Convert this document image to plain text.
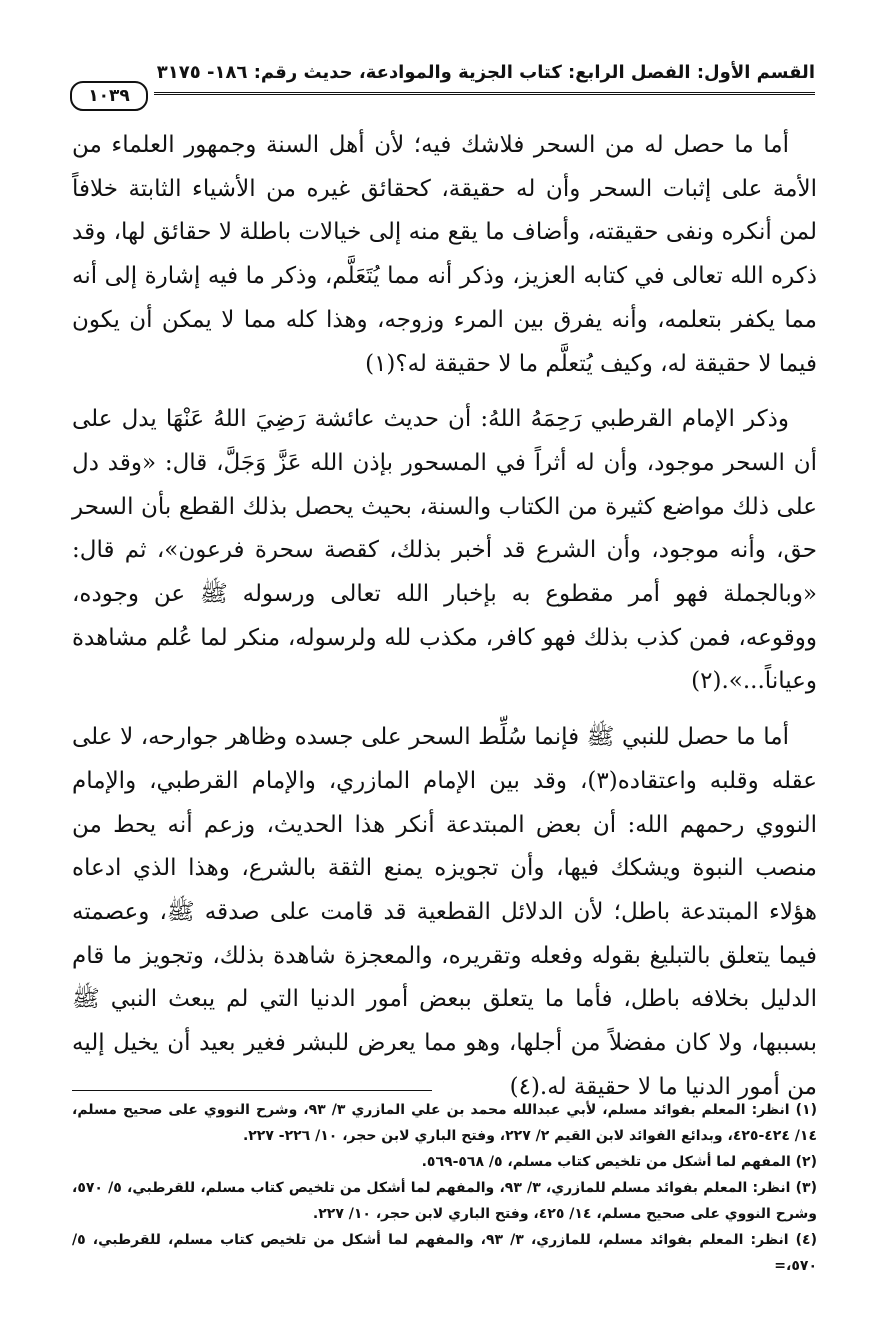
القسم الأول: الفصل الرابع: كتاب الجزية والموادعة، حديث رقم: ١٨٦- ٣١٧٥
١٠٣٩

أما ما حصل له من السحر فلاشك فيه؛ لأن أهل السنة وجمهور العلماء من الأمة على إثبات السحر وأن له حقيقة، كحقائق غيره من الأشياء الثابتة خلافاً لمن أنكره ونفى حقيقته، وأضاف ما يقع منه إلى خيالات باطلة لا حقائق لها، وقد ذكره الله تعالى في كتابه العزيز، وذكر أنه مما يُتَعَلَّم، وذكر ما فيه إشارة إلى أنه مما يكفر بتعلمه، وأنه يفرق بين المرء وزوجه، وهذا كله مما لا يمكن أن يكون فيما لا حقيقة له، وكيف يُتعلَّم ما لا حقيقة له؟(١)

وذكر الإمام القرطبي رَحِمَهُ اللهُ: أن حديث عائشة رَضِيَ اللهُ عَنْهَا يدل على أن السحر موجود، وأن له أثراً في المسحور بإذن الله عَزَّ وَجَلَّ، قال: «وقد دل على ذلك مواضع كثيرة من الكتاب والسنة، بحيث يحصل بذلك القطع بأن السحر حق، وأنه موجود، وأن الشرع قد أخبر بذلك، كقصة سحرة فرعون»، ثم قال: «وبالجملة فهو أمر مقطوع به بإخبار الله تعالى ورسوله ﷺ عن وجوده، ووقوعه، فمن كذب بذلك فهو كافر، مكذب لله ولرسوله، منكر لما عُلم مشاهدة وعياناً...».(٢)

أما ما حصل للنبي ﷺ فإنما سُلِّط السحر على جسده وظاهر جوارحه، لا على عقله وقلبه واعتقاده(٣)، وقد بين الإمام المازري، والإمام القرطبي، والإمام النووي رحمهم الله: أن بعض المبتدعة أنكر هذا الحديث، وزعم أنه يحط من منصب النبوة ويشكك فيها، وأن تجويزه يمنع الثقة بالشرع، وهذا الذي ادعاه هؤلاء المبتدعة باطل؛ لأن الدلائل القطعية قد قامت على صدقه ﷺ، وعصمته فيما يتعلق بالتبليغ بقوله وفعله وتقريره، والمعجزة شاهدة بذلك، وتجويز ما قام الدليل بخلافه باطل، فأما ما يتعلق ببعض أمور الدنيا التي لم يبعث النبي ﷺ بسببها، ولا كان مفضلاً من أجلها، وهو مما يعرض للبشر فغير بعيد أن يخيل إليه من أمور الدنيا ما لا حقيقة له.(٤)

(١) انظر: المعلم بفوائد مسلم، لأبي عبدالله محمد بن علي المازري ٣/ ٩٣، وشرح النووي على صحيح مسلم، ١٤/ ٤٢٤-٤٢٥، وبدائع الفوائد لابن القيم ٢/ ٢٢٧، وفتح الباري لابن حجر، ١٠/ ٢٢٦- ٢٢٧.

(٢) المفهم لما أشكل من تلخيص كتاب مسلم، ٥/ ٥٦٨-٥٦٩.

(٣) انظر: المعلم بفوائد مسلم للمازري، ٣/ ٩٣، والمفهم لما أشكل من تلخيص كتاب مسلم، للقرطبي، ٥/ ٥٧٠، وشرح النووي على صحيح مسلم، ١٤/ ٤٢٥، وفتح الباري لابن حجر، ١٠/ ٢٢٧.

(٤) انظر: المعلم بفوائد مسلم، للمازري، ٣/ ٩٣، والمفهم لما أشكل من تلخيص كتاب مسلم، للقرطبي، ٥/ ٥٧٠،=
